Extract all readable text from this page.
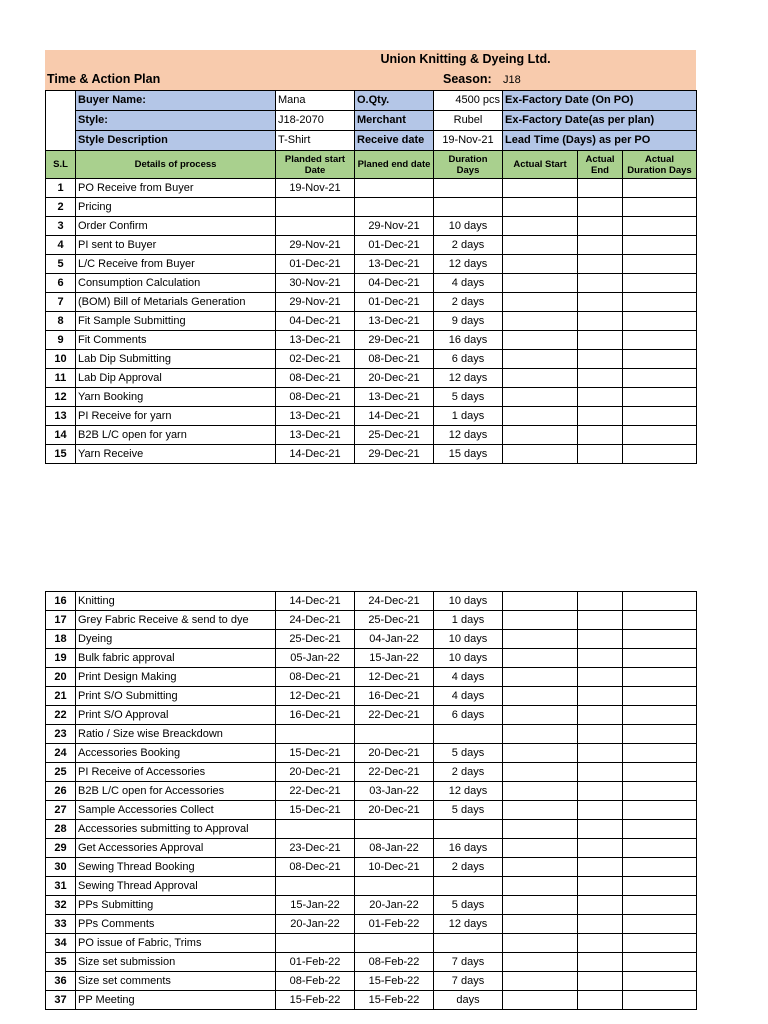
Union Knitting & Dyeing Ltd.
Time & Action Plan	Season: J18
	Buyer Name:	Mana	O.Qty.	4500 pcs	Ex-Factory Date (On PO)		
	Style:	J18-2070	Merchant	Rubel	Ex-Factory Date(as per plan)		
	Style Description	T-Shirt	Receive date	19-Nov-21	Lead Time (Days) as per PO		
S.L	Details of process	Planded start Date	Planed end date	Duration Days	Actual Start	Actual End	Actual Duration Days
1	PO Receive from Buyer	19-Nov-21					
2	Pricing						
3	Order Confirm		29-Nov-21	10 days			
4	PI sent to Buyer	29-Nov-21	01-Dec-21	2 days			
5	L/C Receive from Buyer	01-Dec-21	13-Dec-21	12 days			
6	Consumption Calculation	30-Nov-21	04-Dec-21	4 days			
7	(BOM) Bill of Metarials Generation	29-Nov-21	01-Dec-21	2 days			
8	Fit Sample Submitting	04-Dec-21	13-Dec-21	9 days			
9	Fit Comments	13-Dec-21	29-Dec-21	16 days			
10	Lab Dip Submitting	02-Dec-21	08-Dec-21	6 days			
11	Lab Dip Approval	08-Dec-21	20-Dec-21	12 days			
12	Yarn Booking	08-Dec-21	13-Dec-21	5 days			
13	PI Receive for yarn	13-Dec-21	14-Dec-21	1 days			
14	B2B L/C open for yarn	13-Dec-21	25-Dec-21	12 days			
15	Yarn Receive	14-Dec-21	29-Dec-21	15 days			
16	Knitting	14-Dec-21	24-Dec-21	10 days			
17	Grey Fabric Receive & send to dye	24-Dec-21	25-Dec-21	1 days			
18	Dyeing	25-Dec-21	04-Jan-22	10 days			
19	Bulk fabric approval	05-Jan-22	15-Jan-22	10 days			
20	Print Design Making	08-Dec-21	12-Dec-21	4 days			
21	Print S/O Submitting	12-Dec-21	16-Dec-21	4 days			
22	Print S/O Approval	16-Dec-21	22-Dec-21	6 days			
23	Ratio / Size wise Breackdown						
24	Accessories Booking	15-Dec-21	20-Dec-21	5 days			
25	PI Receive of Accessories	20-Dec-21	22-Dec-21	2 days			
26	B2B L/C open for Accessories	22-Dec-21	03-Jan-22	12 days			
27	Sample Accessories Collect	15-Dec-21	20-Dec-21	5 days			
28	Accessories submitting to Approval						
29	Get Accessories Approval	23-Dec-21	08-Jan-22	16 days			
30	Sewing Thread Booking	08-Dec-21	10-Dec-21	2 days			
31	Sewing Thread Approval						
32	PPs Submitting	15-Jan-22	20-Jan-22	5 days			
33	PPs Comments	20-Jan-22	01-Feb-22	12 days			
34	PO issue of Fabric, Trims						
35	Size set submission	01-Feb-22	08-Feb-22	7 days			
36	Size set comments	08-Feb-22	15-Feb-22	7 days			
37	PP Meeting	15-Feb-22	15-Feb-22	days			
